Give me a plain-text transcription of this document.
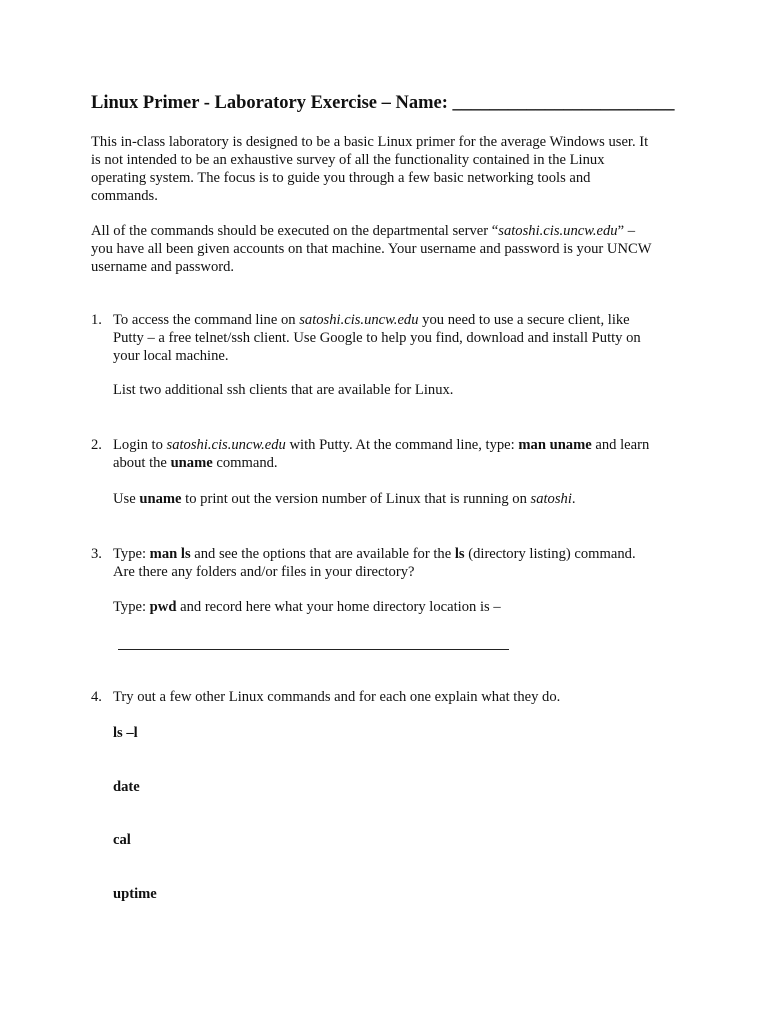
Linux Primer - Laboratory Exercise – Name: ________________________
This in-class laboratory is designed to be a basic Linux primer for the average Windows user. It
is not intended to be an exhaustive survey of all the functionality contained in the Linux
operating system. The focus is to guide you through a few basic networking tools and
commands.
All of the commands should be executed on the departmental server “satoshi.cis.uncw.edu” –
you have all been given accounts on that machine. Your username and password is your UNCW
username and password.
1. To access the command line on satoshi.cis.uncw.edu you need to use a secure client, like
Putty – a free telnet/ssh client. Use Google to help you find, download and install Putty on
your local machine.
List two additional ssh clients that are available for Linux.
2. Login to satoshi.cis.uncw.edu with Putty. At the command line, type: man uname and learn
about the uname command.
Use uname to print out the version number of Linux that is running on satoshi.
3. Type: man ls and see the options that are available for the ls (directory listing) command.
Are there any folders and/or files in your directory?
Type: pwd and record here what your home directory location is –
4. Try out a few other Linux commands and for each one explain what they do.
ls –l
date
cal
uptime
